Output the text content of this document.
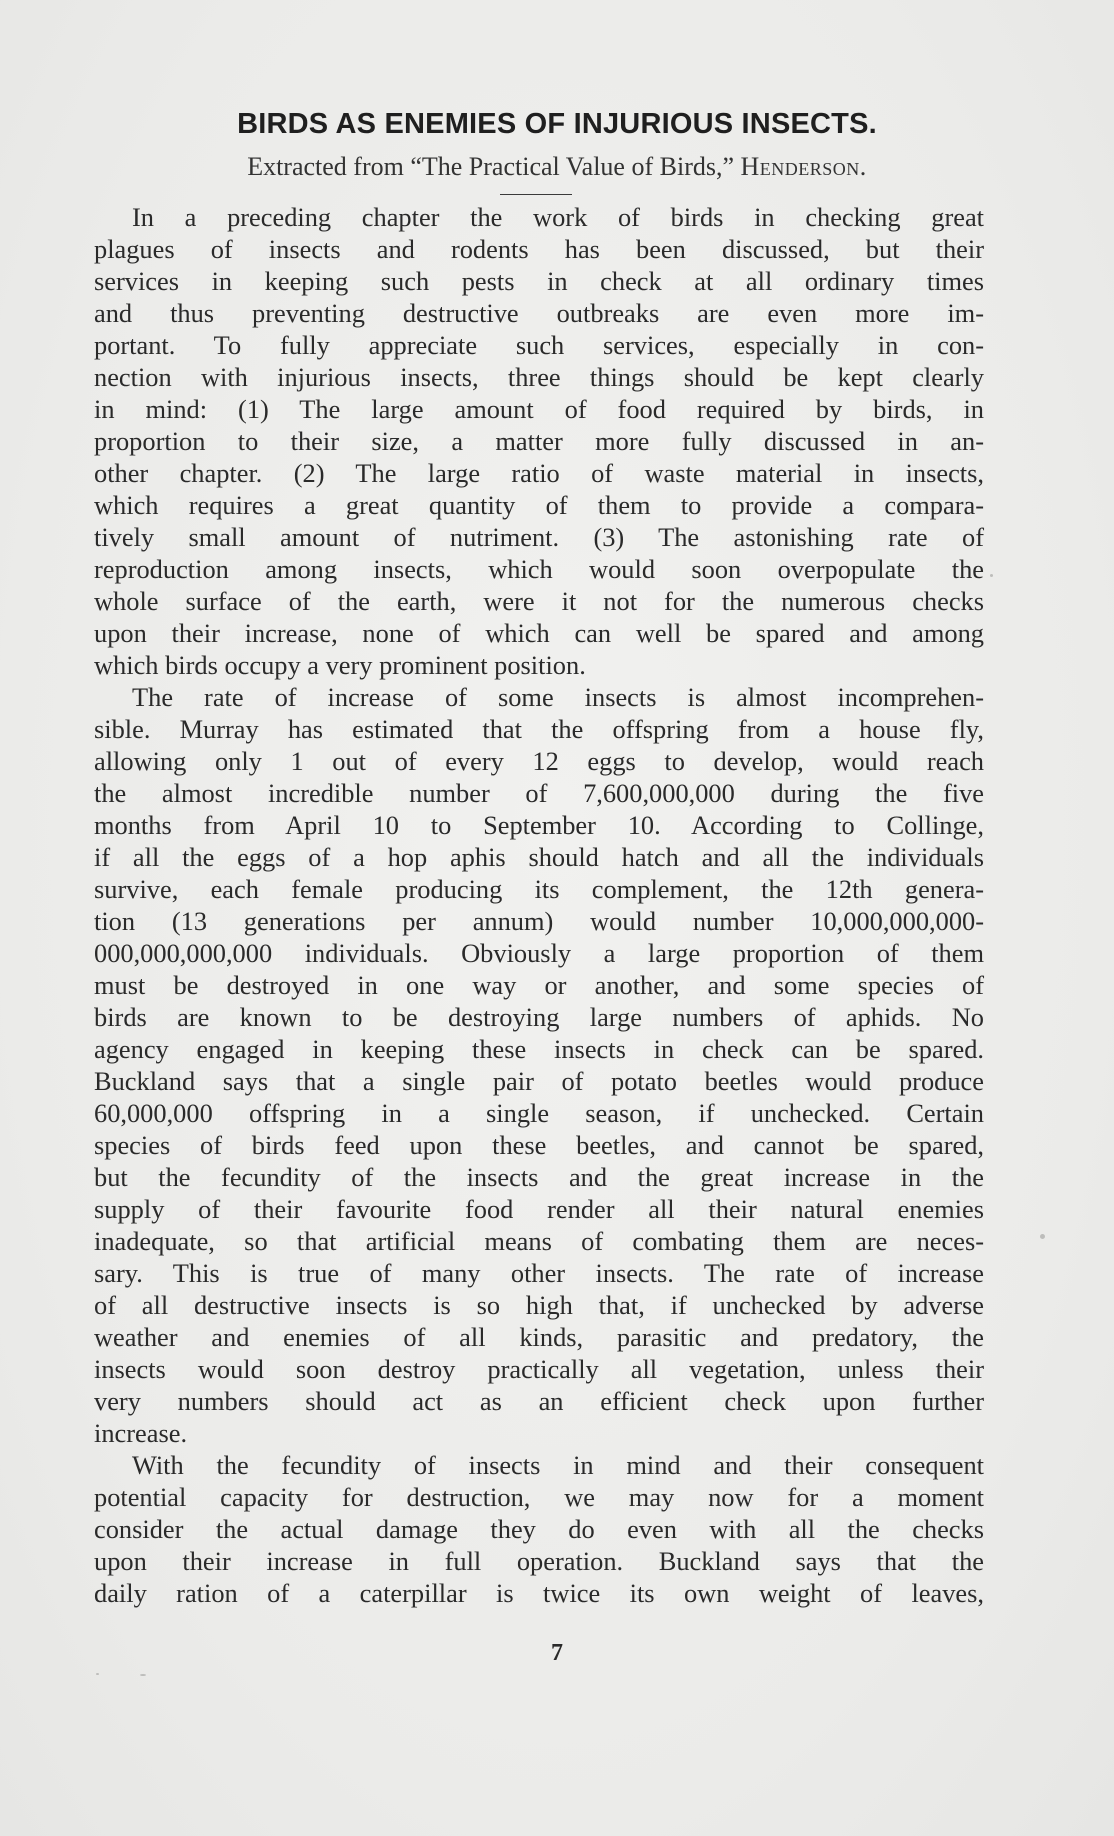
BIRDS AS ENEMIES OF INJURIOUS INSECTS.
Extracted from “The Practical Value of Birds,” Henderson.
In a preceding chapter the work of birds in checking great
plagues of insects and rodents has been discussed, but their
services in keeping such pests in check at all ordinary times
and thus preventing destructive outbreaks are even more im-
portant. To fully appreciate such services, especially in con-
nection with injurious insects, three things should be kept clearly
in mind: (1) The large amount of food required by birds, in
proportion to their size, a matter more fully discussed in an-
other chapter. (2) The large ratio of waste material in insects,
which requires a great quantity of them to provide a compara-
tively small amount of nutriment. (3) The astonishing rate of
reproduction among insects, which would soon overpopulate the
whole surface of the earth, were it not for the numerous checks
upon their increase, none of which can well be spared and among
which birds occupy a very prominent position.
The rate of increase of some insects is almost incomprehen-
sible. Murray has estimated that the offspring from a house fly,
allowing only 1 out of every 12 eggs to develop, would reach
the almost incredible number of 7,600,000,000 during the five
months from April 10 to September 10. According to Collinge,
if all the eggs of a hop aphis should hatch and all the individuals
survive, each female producing its complement, the 12th genera-
tion (13 generations per annum) would number 10,000,000,000-
000,000,000,000 individuals. Obviously a large proportion of them
must be destroyed in one way or another, and some species of
birds are known to be destroying large numbers of aphids. No
agency engaged in keeping these insects in check can be spared.
Buckland says that a single pair of potato beetles would produce
60,000,000 offspring in a single season, if unchecked. Certain
species of birds feed upon these beetles, and cannot be spared,
but the fecundity of the insects and the great increase in the
supply of their favourite food render all their natural enemies
inadequate, so that artificial means of combating them are neces-
sary. This is true of many other insects. The rate of increase
of all destructive insects is so high that, if unchecked by adverse
weather and enemies of all kinds, parasitic and predatory, the
insects would soon destroy practically all vegetation, unless their
very numbers should act as an efficient check upon further
increase.
With the fecundity of insects in mind and their consequent
potential capacity for destruction, we may now for a moment
consider the actual damage they do even with all the checks
upon their increase in full operation. Buckland says that the
daily ration of a caterpillar is twice its own weight of leaves,
7
